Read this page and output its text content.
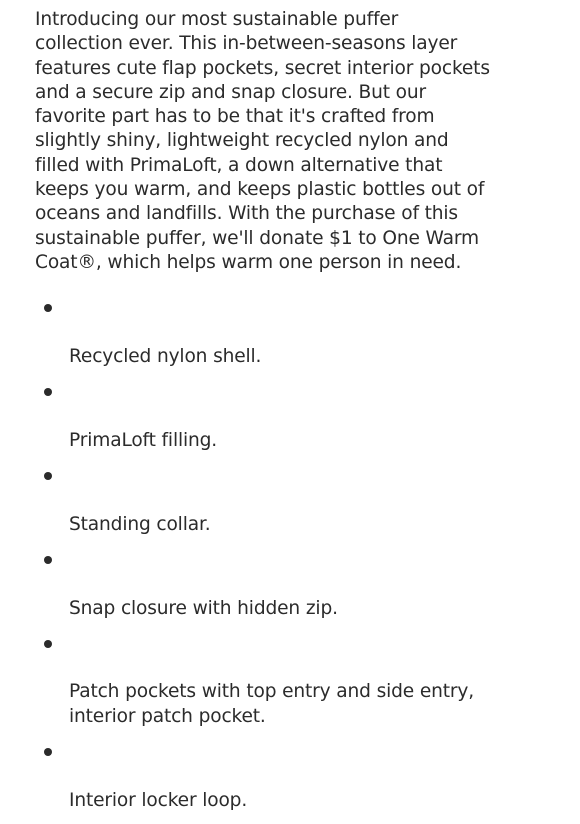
Introducing our most sustainable puffer
collection ever. This in-between-seasons layer
features cute flap pockets, secret interior pockets
and a secure zip and snap closure. But our
favorite part has to be that it's crafted from
slightly shiny, lightweight recycled nylon and
filled with PrimaLoft, a down alternative that
keeps you warm, and keeps plastic bottles out of
oceans and landfills. With the purchase of this
sustainable puffer, we'll donate $1 to One Warm
Coat®, which helps warm one person in need.

Recycled nylon shell.

PrimaLoft filling.

Standing collar.

Snap closure with hidden zip.

Patch pockets with top entry and side entry,
interior patch pocket.

Interior locker loop.
